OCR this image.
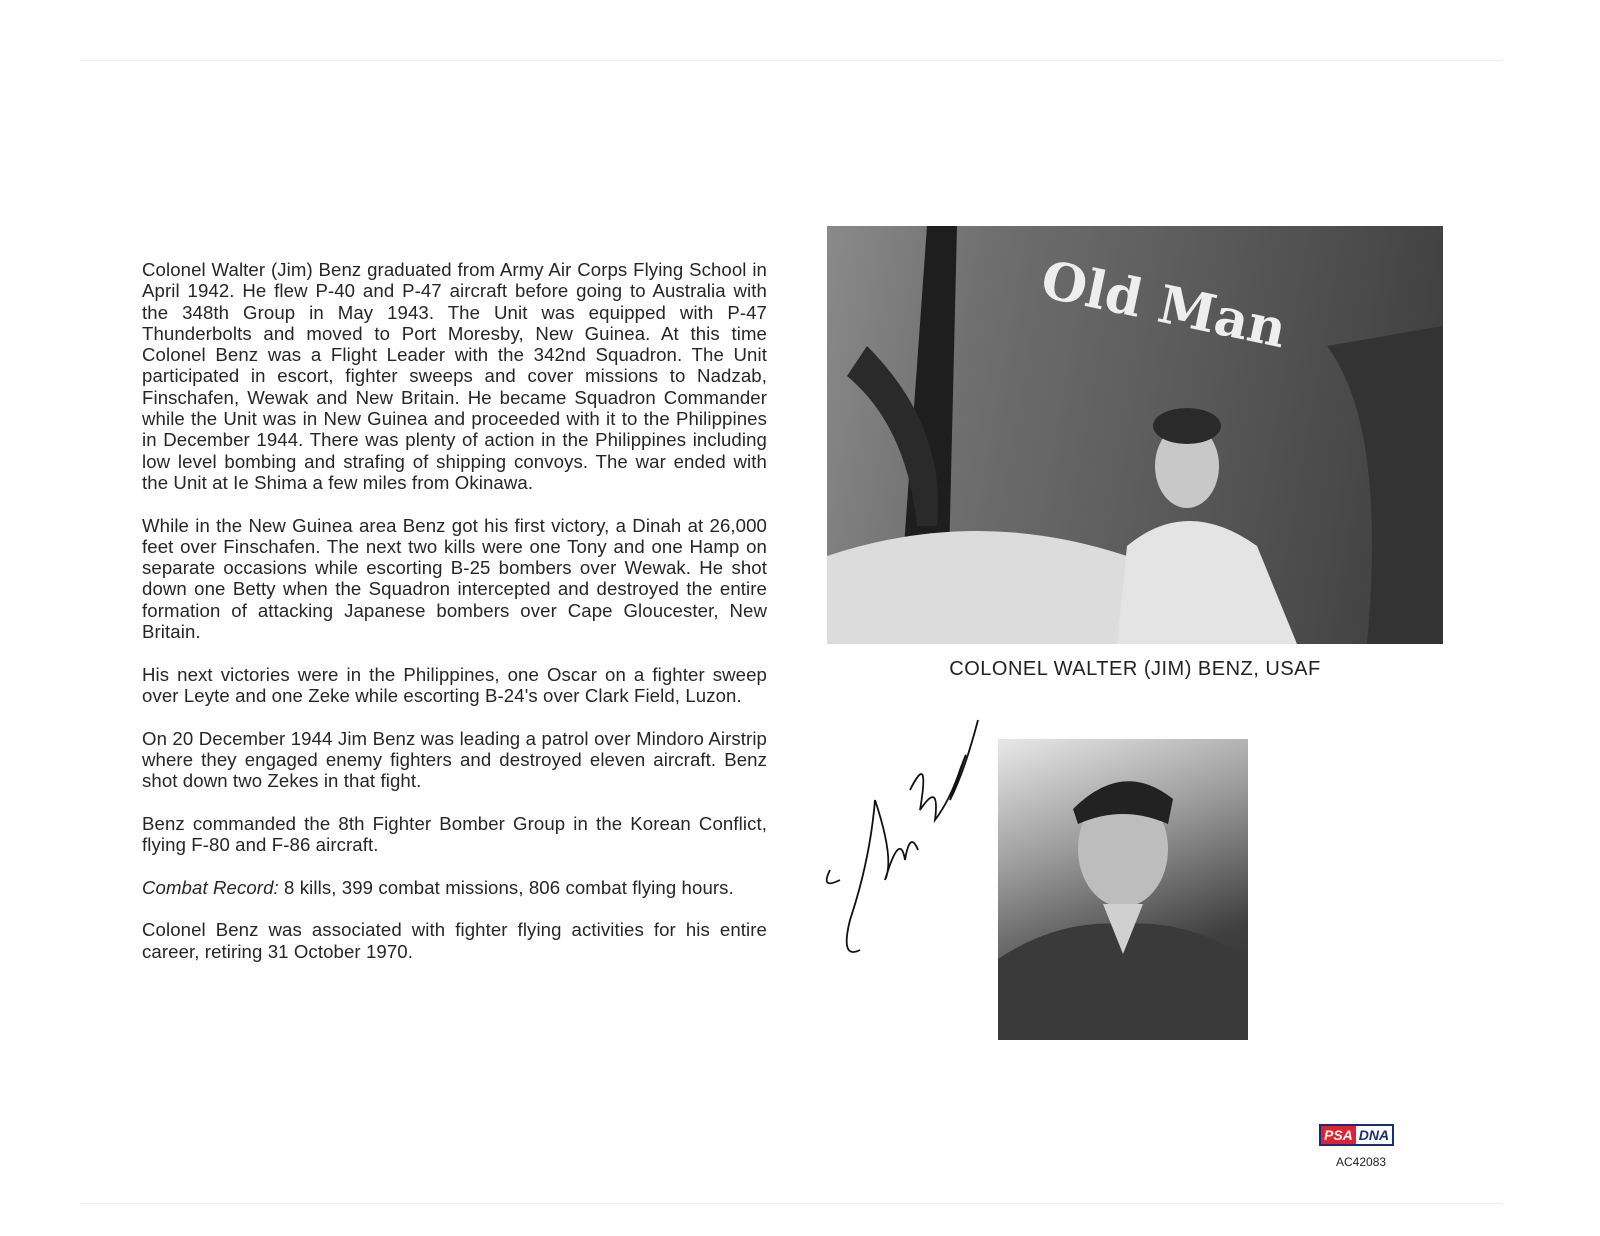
Colonel Walter (Jim) Benz graduated from Army Air Corps Flying School in April 1942. He flew P-40 and P-47 aircraft before going to Australia with the 348th Group in May 1943. The Unit was equipped with P-47 Thunderbolts and moved to Port Moresby, New Guinea. At this time Colonel Benz was a Flight Leader with the 342nd Squadron. The Unit participated in escort, fighter sweeps and cover missions to Nadzab, Finschafen, Wewak and New Britain. He became Squadron Commander while the Unit was in New Guinea and proceeded with it to the Philippines in December 1944. There was plenty of action in the Philippines including low level bombing and strafing of shipping convoys. The war ended with the Unit at Ie Shima a few miles from Okinawa.

While in the New Guinea area Benz got his first victory, a Dinah at 26,000 feet over Finschafen. The next two kills were one Tony and one Hamp on separate occasions while escorting B-25 bombers over Wewak. He shot down one Betty when the Squadron intercepted and destroyed the entire formation of attacking Japanese bombers over Cape Gloucester, New Britain.

His next victories were in the Philippines, one Oscar on a fighter sweep over Leyte and one Zeke while escorting B-24's over Clark Field, Luzon.

On 20 December 1944 Jim Benz was leading a patrol over Mindoro Airstrip where they engaged enemy fighters and destroyed eleven aircraft. Benz shot down two Zekes in that fight.

Benz commanded the 8th Fighter Bomber Group in the Korean Conflict, flying F-80 and F-86 aircraft.

Combat Record: 8 kills, 399 combat missions, 806 combat flying hours.

Colonel Benz was associated with fighter flying activities for his entire career, retiring 31 October 1970.

Old Man
COLONEL WALTER (JIM) BENZ, USAF
PSA DNA
AC42083
